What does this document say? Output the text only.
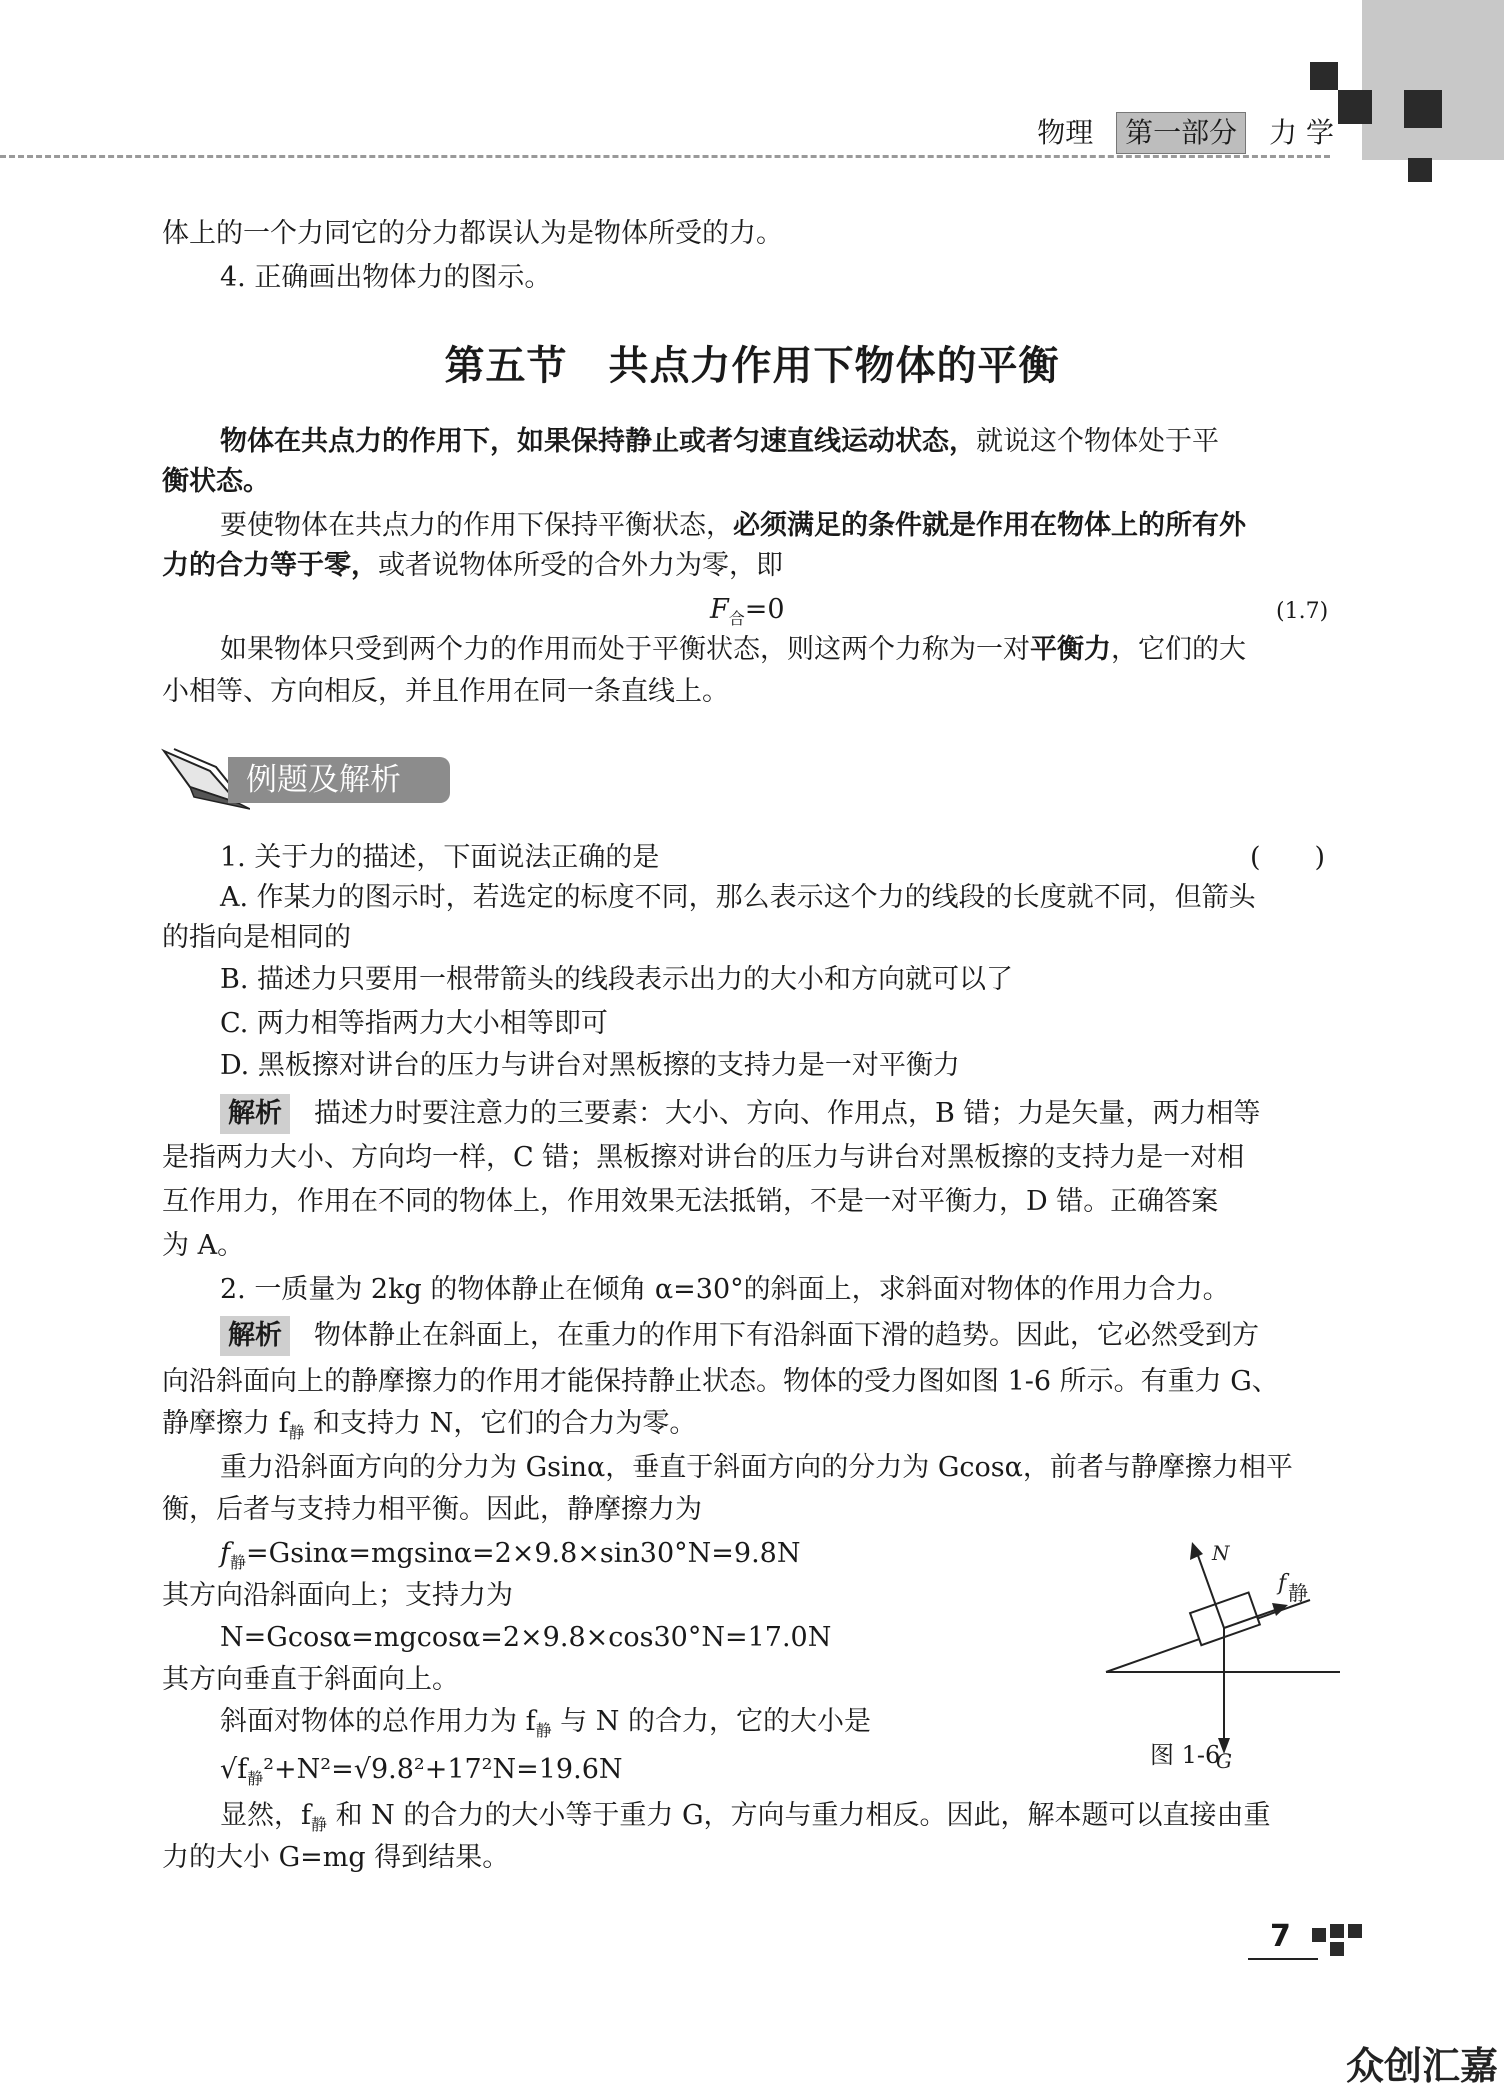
物理 第一部分 力 学
体上的一个力同它的分力都误认为是物体所受的力。
4. 正确画出物体力的图示。
第五节　共点力作用下物体的平衡
物体在共点力的作用下，如果保持静止或者匀速直线运动状态，就说这个物体处于平
衡状态。
要使物体在共点力的作用下保持平衡状态，必须满足的条件就是作用在物体上的所有外
力的合力等于零，或者说物体所受的合外力为零，即
$F_合=0$	(1.7)
如果物体只受到两个力的作用而处于平衡状态，则这两个力称为一对平衡力，它们的大
小相等、方向相反，并且作用在同一条直线上。
例题及解析
1. 关于力的描述，下面说法正确的是	(　　)
A. 作某力的图示时，若选定的标度不同，那么表示这个力的线段的长度就不同，但箭头
的指向是相同的
B. 描述力只要用一根带箭头的线段表示出力的大小和方向就可以了
C. 两力相等指两力大小相等即可
D. 黑板擦对讲台的压力与讲台对黑板擦的支持力是一对平衡力
解析 描述力时要注意力的三要素：大小、方向、作用点，B 错；力是矢量，两力相等
是指两力大小、方向均一样，C 错；黑板擦对讲台的压力与讲台对黑板擦的支持力是一对相
互作用力，作用在不同的物体上，作用效果无法抵销，不是一对平衡力，D 错。正确答案
为 A。
2. 一质量为 2kg 的物体静止在倾角 α=30°的斜面上，求斜面对物体的作用力合力。
解析 物体静止在斜面上，在重力的作用下有沿斜面下滑的趋势。因此，它必然受到方
向沿斜面向上的静摩擦力的作用才能保持静止状态。物体的受力图如图 1-6 所示。有重力 G、
静摩擦力 $f_静$ 和支持力 N，它们的合力为零。
重力沿斜面方向的分力为 Gsinα，垂直于斜面方向的分力为 Gcosα，前者与静摩擦力相平
衡，后者与支持力相平衡。因此，静摩擦力为
$f_静=Gsin\alpha=mgsin\alpha=2\times 9.8\times\sin 30^\circ N=9.8N$
其方向沿斜面向上；支持力为
N=Gcosα=mgcosα=2×9.8×cos30°N=17.0N
其方向垂直于斜面向上。
斜面对物体的总作用力为 $f_静$ 与 N 的合力，它的大小是
$√f_静^2+N^2=√9.8^2+17^2N=19.6N$
显然，$f_静$ 和 N 的合力的大小等于重力 G，方向与重力相反。因此，解本题可以直接由重
力的大小 G=mg 得到结果。
N
f 静
G
图 1-6
7
众创汇嘉
